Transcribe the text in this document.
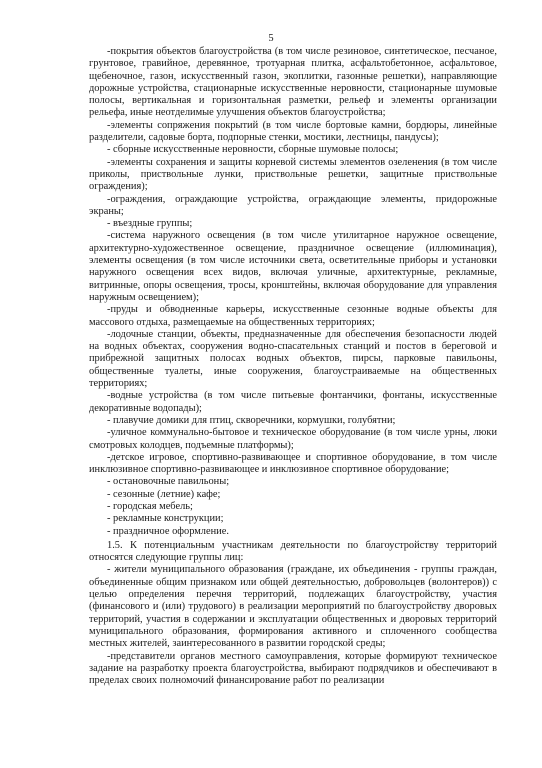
5

-покрытия объектов благоустройства (в том числе резиновое, синтетическое, песчаное, грунтовое, гравийное, деревянное, тротуарная плитка, асфальтобетонное, асфальтовое, щебеночное, газон, искусственный газон, экоплитки, газонные решетки), направляющие дорожные устройства, стационарные искусственные неровности, стационарные шумовые полосы, вертикальная и горизонтальная разметки, рельеф и элементы организации рельефа, иные неотделимые улучшения объектов благоустройства;

-элементы сопряжения покрытий (в том числе бортовые камни, бордюры, линейные разделители, садовые борта, подпорные стенки, мостики, лестницы, пандусы);

- сборные искусственные неровности, сборные шумовые полосы;

-элементы сохранения и защиты корневой системы элементов озеленения (в том числе приколы, приствольные лунки, приствольные решетки, защитные приствольные ограждения);

-ограждения, ограждающие устройства, ограждающие элементы, придорожные экраны;

- въездные группы;

-система наружного освещения (в том числе утилитарное наружное освещение, архитектурно-художественное освещение, праздничное освещение (иллюминация), элементы освещения (в том числе источники света, осветительные приборы и установки наружного освещения всех видов, включая уличные, архитектурные, рекламные, витринные, опоры освещения, тросы, кронштейны, включая оборудование для управления наружным освещением);

-пруды и обводненные карьеры, искусственные сезонные водные объекты для массового отдыха, размещаемые на общественных территориях;

-лодочные станции, объекты, предназначенные для обеспечения безопасности людей на водных объектах, сооружения водно-спасательных станций и постов в береговой и прибрежной защитных полосах водных объектов, пирсы, парковые павильоны, общественные туалеты, иные сооружения, благоустраиваемые на общественных территориях;

-водные устройства (в том числе питьевые фонтанчики, фонтаны, искусственные декоративные водопады);

- плавучие домики для птиц, скворечники, кормушки, голубятни;

-уличное коммунально-бытовое и техническое оборудование (в том числе урны, люки смотровых колодцев, подъемные платформы);

-детское игровое, спортивно-развивающее и спортивное оборудование, в том числе инклюзивное спортивно-развивающее и инклюзивное спортивное оборудование;

- остановочные павильоны;

- сезонные (летние) кафе;

- городская мебель;

- рекламные конструкции;

- праздничное оформление.

1.5. К потенциальным участникам деятельности по благоустройству территорий относятся следующие группы лиц:

- жители муниципального образования (граждане, их объединения - группы граждан, объединенные общим признаком или общей деятельностью, добровольцев (волонтеров)) с целью определения перечня территорий, подлежащих благоустройству, участия (финансового и (или) трудового) в реализации мероприятий по благоустройству дворовых территорий, участия в содержании и эксплуатации общественных и дворовых территорий муниципального образования, формирования активного и сплоченного сообщества местных жителей, заинтересованного в развитии городской среды;

-представители органов местного самоуправления, которые формируют техническое задание на разработку проекта благоустройства, выбирают подрядчиков и обеспечивают в пределах своих полномочий финансирование работ по реализации
